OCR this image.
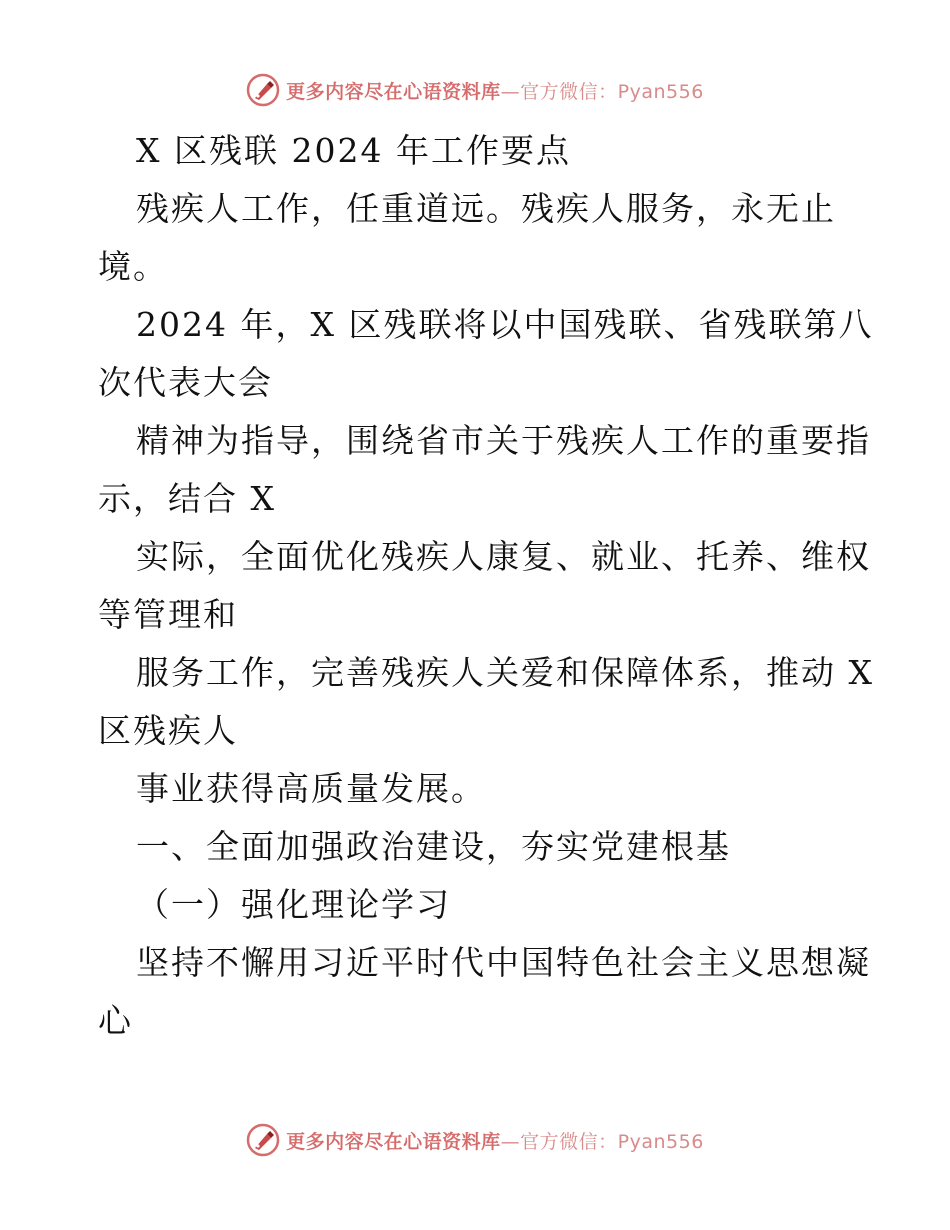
更多内容尽在心语资料库—官方微信：Pyan556
X 区残联 2024 年工作要点
残疾人工作，任重道远。残疾人服务，永无止
境。
2024 年，X 区残联将以中国残联、省残联第八
次代表大会
精神为指导，围绕省市关于残疾人工作的重要指
示，结合 X
实际，全面优化残疾人康复、就业、托养、维权
等管理和
服务工作，完善残疾人关爱和保障体系，推动 X
区残疾人
事业获得高质量发展。
一、全面加强政治建设，夯实党建根基
（一）强化理论学习
坚持不懈用习近平时代中国特色社会主义思想凝
心
更多内容尽在心语资料库—官方微信：Pyan556
